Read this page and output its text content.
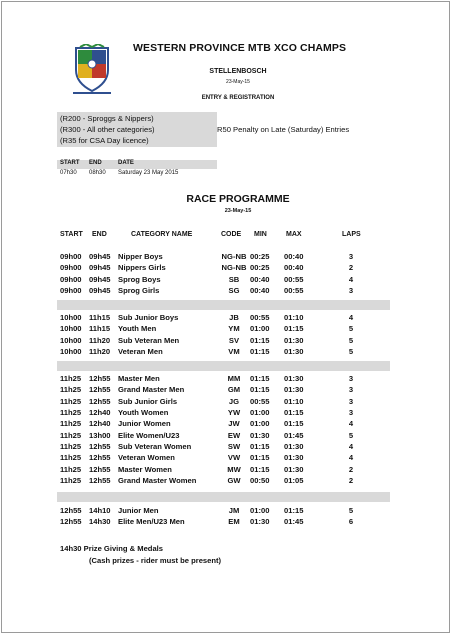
WESTERN PROVINCE MTB XCO CHAMPS
STELLENBOSCH
23-May-15
ENTRY & REGISTRATION
(R200 - Sproggs & Nippers)
(R300 - All other categories)
(R35 for CSA Day licence)
R50 Penalty on Late (Saturday) Entries
START END	DATE
07h30 08h30 Saturday 23 May 2015
RACE PROGRAMME
23-May-15
START END	CATEGORY NAME	CODE MIN	MAX	LAPS
09h00 09h45 Nipper Boys	NG-NB 00:25 00:40	3
09h00 09h45 Nippers Girls	NG-NB 00:25 00:40	2
09h00 09h45 Sprog Boys	SB	00:40 00:55	4
09h00 09h45 Sprog Girls	SG	00:40 00:55	3
10h00 11h15 Sub Junior Boys	JB	00:55 01:10	4
10h00 11h15 Youth Men	YM	01:00 01:15	5
10h00 11h20 Sub Veteran Men	SV	01:15 01:30	5
10h00 11h20 Veteran Men	VM	01:15 01:30	5
11h25 12h55 Master Men	MM	01:15 01:30	3
11h25 12h55 Grand Master Men	GM	01:15 01:30	3
11h25 12h55 Sub Junior Girls	JG	00:55 01:10	3
11h25 12h40 Youth Women	YW	01:00 01:15	3
11h25 12h40 Junior Women	JW	01:00 01:15	4
11h25 13h00 Elite Women/U23	EW	01:30 01:45	5
11h25 12h55 Sub Veteran Women	SW	01:15 01:30	4
11h25 12h55 Veteran Women	VW	01:15 01:30	4
11h25 12h55 Master Women	MW	01:15 01:30	2
11h25 12h55 Grand Master Women	GW	00:50 01:05	2
12h55 14h10 Junior Men	JM	01:00 01:15	5
12h55 14h30 Elite Men/U23 Men	EM	01:30 01:45	6
14h30 Prize Giving & Medals
(Cash prizes - rider must be present)
